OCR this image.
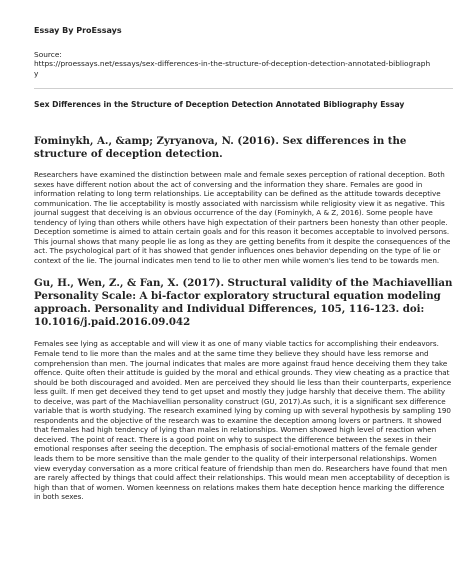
Essay By ProEssays
Source:
https://proessays.net/essays/sex-differences-in-the-structure-of-deception-detection-annotated-bibliography
Sex Differences in the Structure of Deception Detection Annotated Bibliography Essay
Fominykh, A., &amp; Zyryanova, N. (2016). Sex differences in the structure of deception detection.

Researchers have examined the distinction between male and female sexes perception of rational deception. Both sexes have different notion about the act of conversing and the information they share. Females are good in information relating to long term relationships. Lie acceptability can be defined as the attitude towards deceptive communication. The lie acceptability is mostly associated with narcissism while religiosity view it as negative. This journal suggest that deceiving is an obvious occurrence of the day (Fominykh, A & Z, 2016). Some people have tendency of lying than others while others have high expectation of their partners been honesty than other people. Deception sometime is aimed to attain certain goals and for this reason it becomes acceptable to involved persons. This journal shows that many people lie as long as they are getting benefits from it despite the consequences of the act. The psychological part of it has showed that gender influences ones behavior depending on the type of lie or context of the lie. The journal indicates men tend to lie to other men while women's lies tend to be towards men.

Gu, H., Wen, Z., & Fan, X. (2017). Structural validity of the Machiavellian Personality Scale: A bi-factor exploratory structural equation modeling approach. Personality and Individual Differences, 105, 116-123. doi: 10.1016/j.paid.2016.09.042

Females see lying as acceptable and will view it as one of many viable tactics for accomplishing their endeavors. Female tend to lie more than the males and at the same time they believe they should have less remorse and comprehension than men. The journal indicates that males are more against fraud hence deceiving them they take offence. Quite often their attitude is guided by the moral and ethical grounds. They view cheating as a practice that should be both discouraged and avoided. Men are perceived they should lie less than their counterparts, experience less guilt. If men get deceived they tend to get upset and mostly they judge harshly that deceive them. The ability to deceive, was part of the Machiavellian personality construct (GU, 2017).As such, it is a significant sex difference variable that is worth studying. The research examined lying by coming up with several hypothesis by sampling 190 respondents and the objective of the research was to examine the deception among lovers or partners. It showed that females had high tendency of lying than males in relationships. Women showed high level of reaction when deceived. The point of react. There is a good point on why to suspect the difference between the sexes in their emotional responses after seeing the deception. The emphasis of social-emotional matters of the female gender leads them to be more sensitive than the male gender to the quality of their interpersonal relationships. Women view everyday conversation as a more critical feature of friendship than men do. Researchers have found that men are rarely affected by things that could affect their relationships. This would mean men acceptability of deception is high than that of women. Women keenness on relations makes them hate deception hence marking the difference in both sexes.
